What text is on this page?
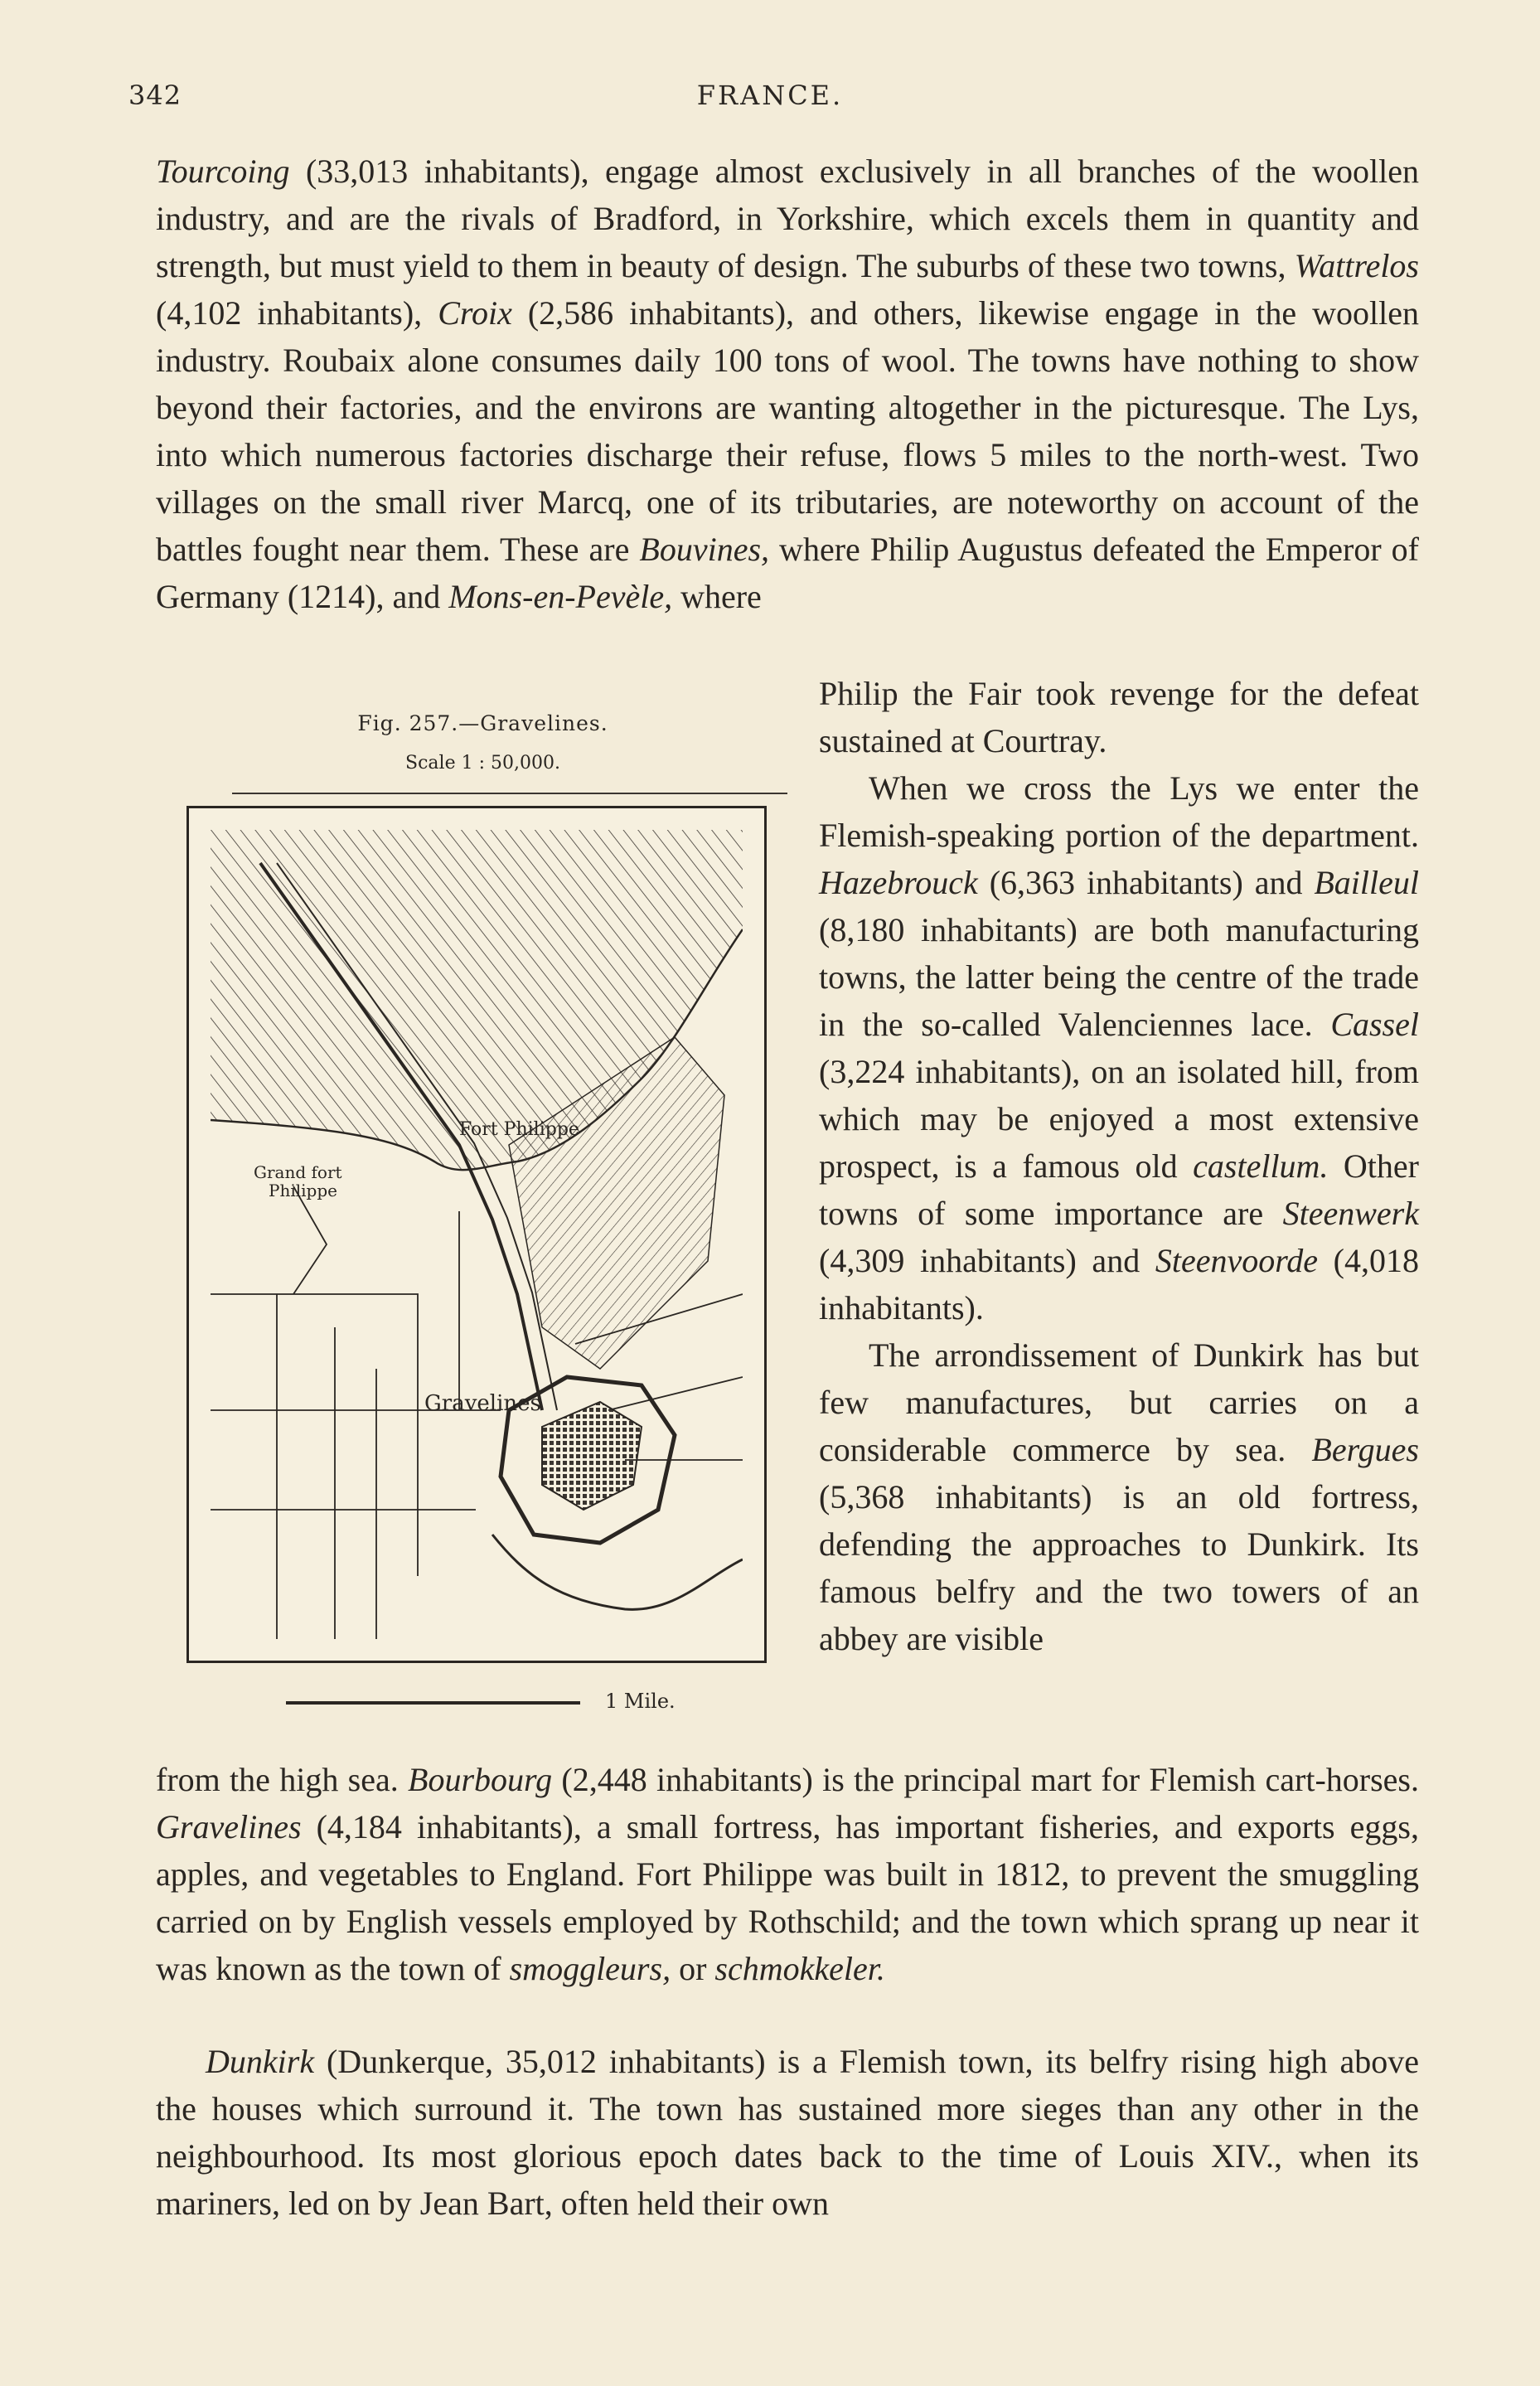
342	FRANCE.
Tourcoing (33,013 inhabitants), engage almost exclusively in all branches of the woollen industry, and are the rivals of Bradford, in Yorkshire, which excels them in quantity and strength, but must yield to them in beauty of design. The suburbs of these two towns, Wattrelos (4,102 inhabitants), Croix (2,586 inhabitants), and others, likewise engage in the woollen industry. Roubaix alone consumes daily 100 tons of wool. The towns have nothing to show beyond their factories, and the environs are wanting altogether in the picturesque. The Lys, into which numerous factories discharge their refuse, flows 5 miles to the north-west. Two villages on the small river Marcq, one of its tributaries, are noteworthy on account of the battles fought near them. These are Bouvines, where Philip Augustus defeated the Emperor of Germany (1214), and Mons-en-Pevèle, where
Fig. 257.—Gravelines.
Scale 1 : 50,000.
Fort Philippe
Grand fort
Philippe
Gravelines
1 Mile.
Philip the Fair took revenge for the defeat sustained at Courtray.
When we cross the Lys we enter the Flemish-speaking portion of the department. Hazebrouck (6,363 inhabitants) and Bailleul (8,180 inhabitants) are both manufacturing towns, the latter being the centre of the trade in the so-called Valenciennes lace. Cassel (3,224 inhabitants), on an isolated hill, from which may be enjoyed a most extensive prospect, is a famous old castellum. Other towns of some importance are Steenwerk (4,309 inhabitants) and Steenvoorde (4,018 inhabitants).
The arrondissement of Dunkirk has but few manufactures, but carries on a considerable commerce by sea. Bergues (5,368 inhabitants) is an old fortress, defending the approaches to Dunkirk. Its famous belfry and the two towers of an abbey are visible
from the high sea. Bourbourg (2,448 inhabitants) is the principal mart for Flemish cart-horses. Gravelines (4,184 inhabitants), a small fortress, has important fisheries, and exports eggs, apples, and vegetables to England. Fort Philippe was built in 1812, to prevent the smuggling carried on by English vessels employed by Rothschild; and the town which sprang up near it was known as the town of smoggleurs, or schmokkeler.
Dunkirk (Dunkerque, 35,012 inhabitants) is a Flemish town, its belfry rising high above the houses which surround it. The town has sustained more sieges than any other in the neighbourhood. Its most glorious epoch dates back to the time of Louis XIV., when its mariners, led on by Jean Bart, often held their own
